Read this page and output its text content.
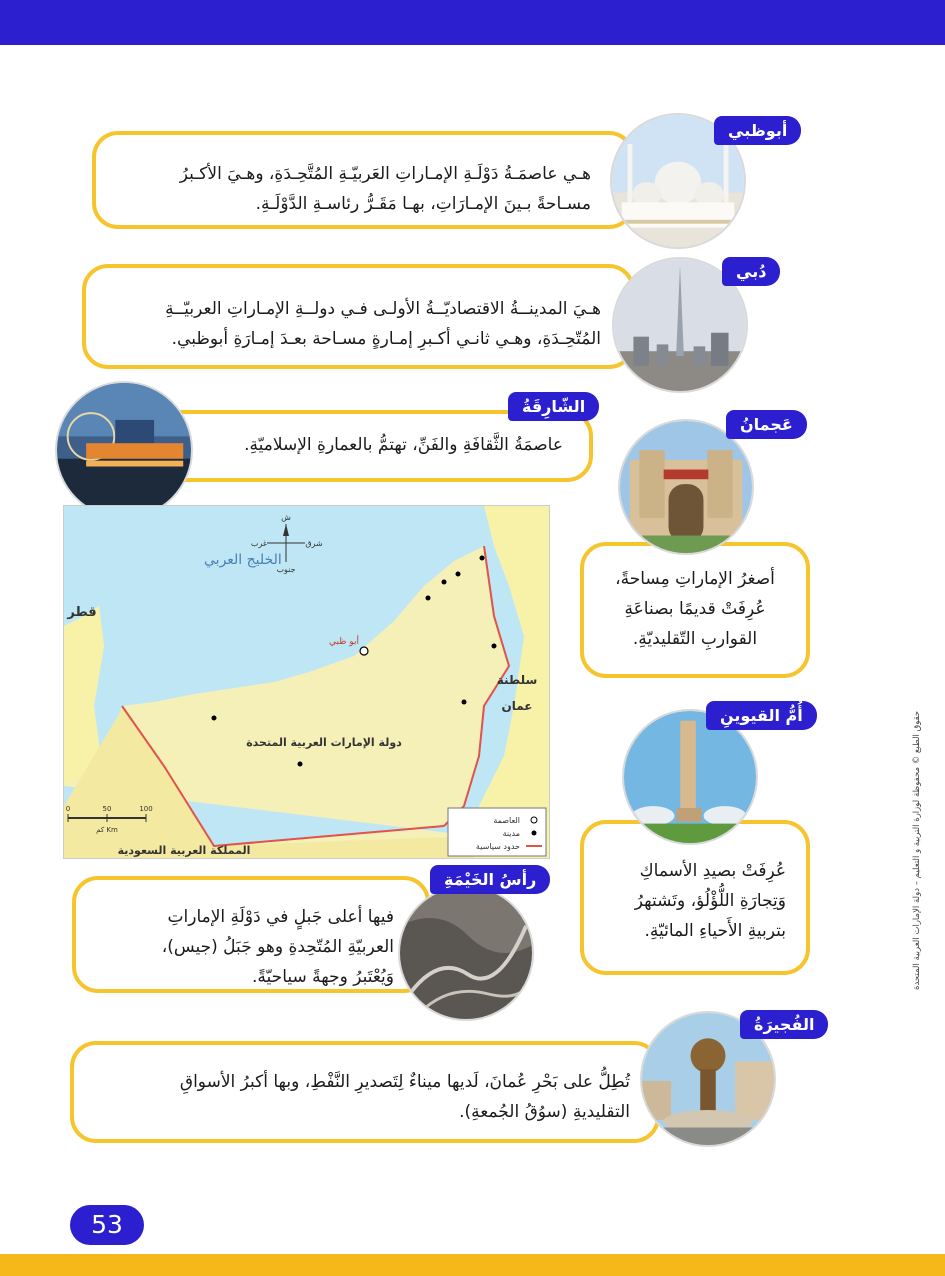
هـي عاصمَـةُ دَوْلَـةِ الإمـاراتِ العَربيّـةِ المُتَّحِـدَةِ، وهـيَ الأكـبرُ

مسـاحةً بـينَ الإمـارَاتِ، بهـا مَقَـرُّ رئاسـةِ الدَّوْلَـةِ.

أبوظبي

هـيَ المدينــةُ الاقتصاديّــةُ الأولـى فـي دولــةِ الإمـاراتِ العربيّــةِ

المُتّحِـدَةِ، وهـي ثانـي أكـبرِ إمـارةٍ مسـاحة بعـدَ إمـارَةِ أبوظبي.

دُبي

عاصمَةُ الثَّقافَةِ والفَنِّ، تهتمُّ بالعمارةِ الإسلاميّةِ.

الشّارِقَةُ

أصغرُ الإماراتِ مِساحةً،

عُرِفَتْ قديمًا بصناعَةِ

القواربِ التّقليديّةِ.

عَجمانُ

عُرِفَتْ بصيدِ الأسماكِ

وَتِجارَةِ اللُّؤْلُؤ، وتَشتهرُ

بتربيةِ الأَحياءِ المائيّةِ.

أُمُّ القيوينِ

فيها أعلى جَبلٍ في دَوْلَةِ الإماراتِ

العربيّةِ المُتّحِدةِ وهو جَبَلُ (جيس)،

وَيُعْتَبرُ وجهةً سياحيّةً.

رأسُ الخَيْمَةِ

تُطِلُّ على بَحْرِ عُمانَ، لَديها ميناءٌ لِتَصديرِ النَّفْطِ، وبها أكبرُ الأسواقِ

التقليديةِ (سوُقُ الجُمعةِ).

الفُجيرَةُ
الخليج العربي
دولة الإمارات العربية المتحدة
قطر
سلطنة
عمان
المملكة العربية السعودية
أبو ظبي
ش
جنوب
شرق
غرب
0	50	100
كم Km
العاصمة
مدينة
حدود سياسية	حقوق الطبع © محفوظة لوزارة التربية و التعليم – دولة الإمارات العربية المتحدة
53
